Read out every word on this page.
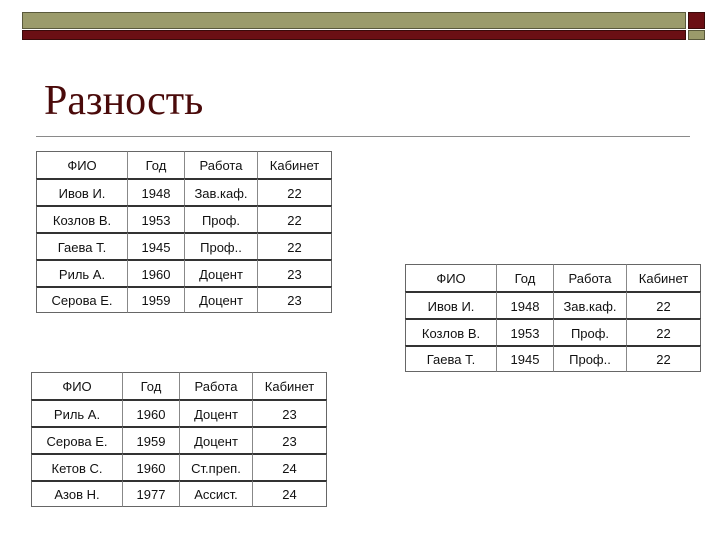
Разность
ФИО	Год	Работа	Кабинет
Ивов И.	1948	Зав.каф.	22
Козлов В.	1953	Проф.	22
Гаева Т.	1945	Проф..	22
Риль А.	1960	Доцент	23
Серова Е.	1959	Доцент	23
ФИО	Год	Работа	Кабинет
Ивов И.	1948	Зав.каф.	22
Козлов В.	1953	Проф.	22
Гаева Т.	1945	Проф..	22
ФИО	Год	Работа	Кабинет
Риль А.	1960	Доцент	23
Серова Е.	1959	Доцент	23
Кетов С.	1960	Ст.преп.	24
Азов Н.	1977	Ассист.	24
